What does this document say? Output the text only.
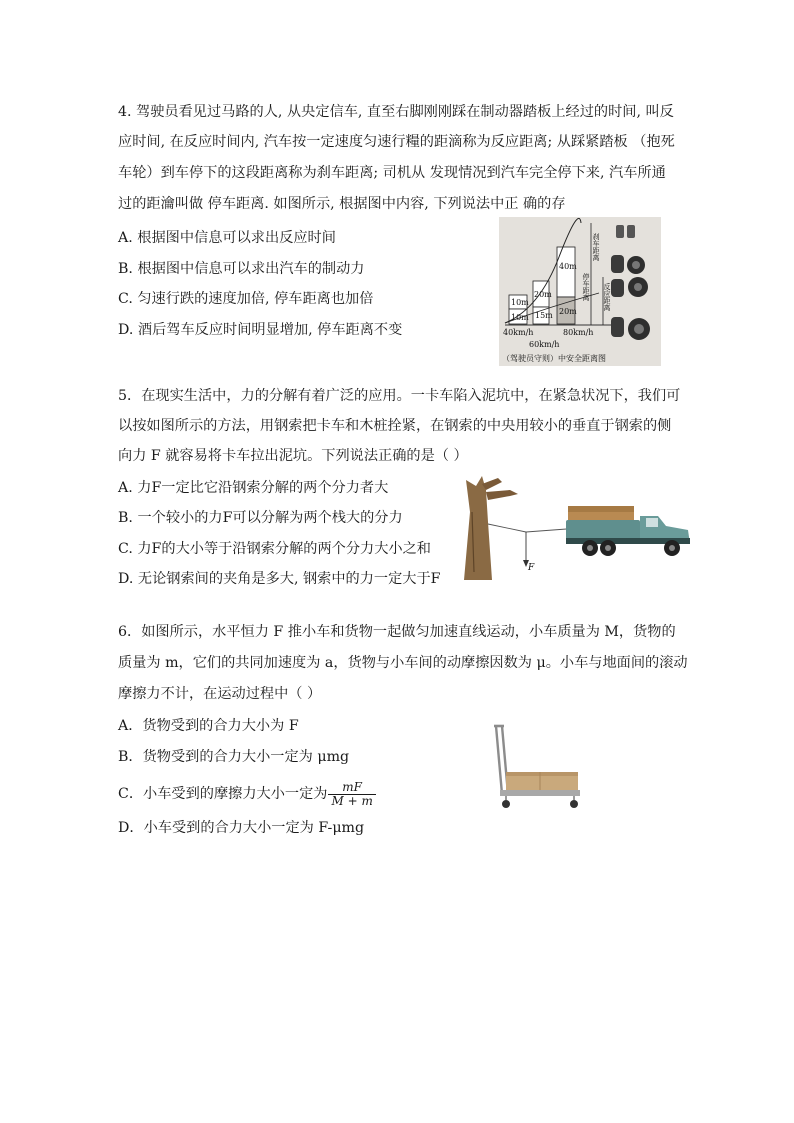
4. 驾驶员看见过马路的人, 从央定信车, 直至右脚刚刚踩在制动器踏板上经过的时间, 叫反
应时间, 在反应时间内, 汽车按一定速度匀速行糧的距滴称为反应距离; 从踩紧踏板 （抱死
车轮）到车停下的这段距离称为刹车距离; 司机从 发现情况到汽车完全停下来, 汽车所通
过的距瀹叫做 停车距离. 如图所示, 根据图中内容, 下列说法中正 确的存
A. 根据图中信息可以求出反应时间
B. 根据图中信息可以求出汽车的制动力
C. 匀速行跌的速度加倍, 停车距离也加倍
D. 酒后驾车反应时间明显增加, 停车距离不变
10m
10m
20m
15m
40m
20m
40km/h
60km/h
80km/h
刹车距离
停车距离 反应距离
（驾驶员守则）中安全距离图
5．在现实生活中，力的分解有着广泛的应用。一卡车陷入泥坑中，在紧急状况下，我们可
以按如图所示的方法，用钢索把卡车和木桩拴紧，在钢索的中央用较小的垂直于钢索的侧
向力 F 就容易将卡车拉出泥坑。下列说法正确的是（ ）
A. 力F一定比它沿钢索分解的两个分力者大
B. 一个较小的力F可以分解为两个栈大的分力
C. 力F的大小等于沿钢索分解的两个分力大小之和
D. 无论钢索间的夹角是多大, 钢索中的力一定大于F
F
6．如图所示，水平恒力 F 推小车和货物一起做匀加速直线运动，小车质量为 M，货物的
质量为 m，它们的共同加速度为 a，货物与小车间的动摩擦因数为 μ。小车与地面间的滚动
摩擦力不计，在运动过程中（ ）
A．货物受到的合力大小为 F
B．货物受到的合力大小一定为 μmg
C．小车受到的摩擦力大小一定为 $\frac{mF}{M + m}$
D．小车受到的合力大小一定为 F-μmg
